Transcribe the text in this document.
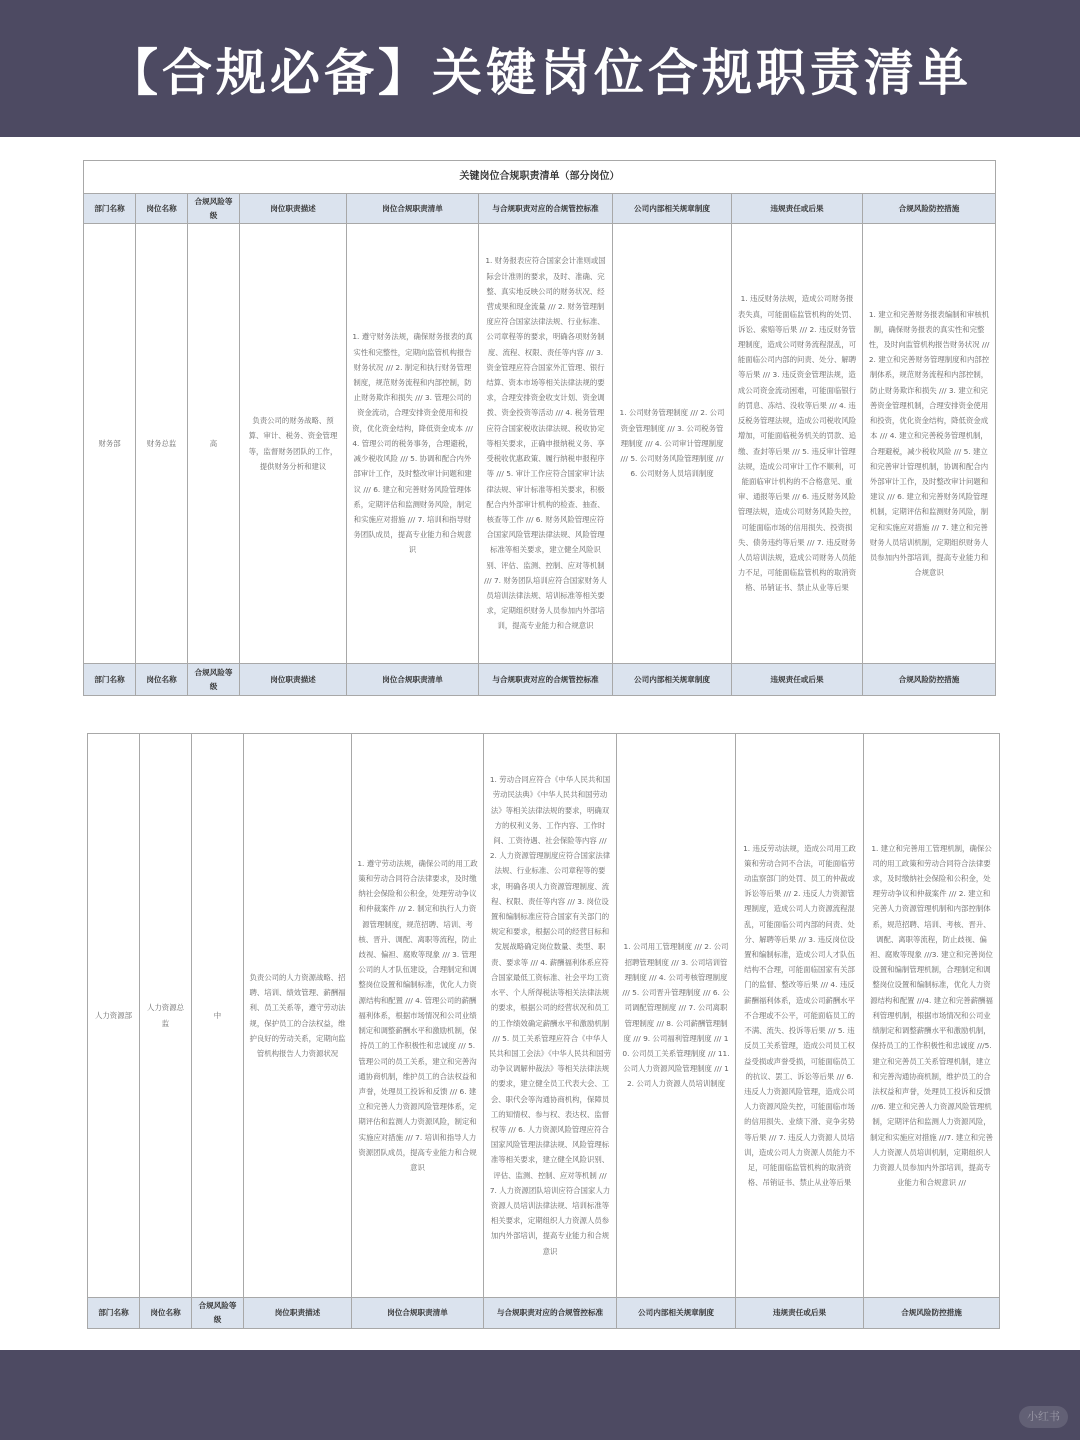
【合规必备】关键岗位合规职责清单
关键岗位合规职责清单（部分岗位）								
部门名称	岗位名称	合规风险等级	岗位职责描述	岗位合规职责清单	与合规职责对应的合规管控标准	公司内部相关规章制度	违规责任或后果	合规风险防控措施
财务部	财务总监	高	负责公司的财务战略、预算、审计、税务、资金管理等，监督财务团队的工作，提供财务分析和建议	1. 遵守财务法规，确保财务报表的真实性和完整性，定期向监管机构报告财务状况 /// 2. 制定和执行财务管理制度，规范财务流程和内部控制，防止财务欺诈和损失 /// 3. 管理公司的资金流动，合理安排资金使用和投资，优化资金结构，降低资金成本 /// 4. 管理公司的税务事务，合理避税，减少税收风险 /// 5. 协调和配合内外部审计工作，及时整改审计问题和建议 /// 6. 建立和完善财务风险管理体系，定期评估和监测财务风险，制定和实施应对措施 /// 7. 培训和指导财务团队成员，提高专业能力和合规意识	1. 财务报表应符合国家会计准则或国际会计准则的要求，及时、准确、完整、真实地反映公司的财务状况、经营成果和现金流量 /// 2. 财务管理制度应符合国家法律法规、行业标准、公司章程等的要求，明确各项财务制度、流程、权限、责任等内容 /// 3. 资金管理应符合国家外汇管理、银行结算、资本市场等相关法律法规的要求，合理安排资金收支计划、资金调拨、资金投资等活动 /// 4. 税务管理应符合国家税收法律法规、税收协定等相关要求，正确申报纳税义务、享受税收优惠政策、履行纳税申报程序等 /// 5. 审计工作应符合国家审计法律法规、审计标准等相关要求，积极配合内外部审计机构的检查、抽查、核查等工作 /// 6. 财务风险管理应符合国家风险管理法律法规、风险管理标准等相关要求，建立健全风险识别、评估、监测、控制、应对等机制 /// 7. 财务团队培训应符合国家财务人员培训法律法规、培训标准等相关要求，定期组织财务人员参加内外部培训，提高专业能力和合规意识	1. 公司财务管理制度 /// 2. 公司资金管理制度 /// 3. 公司税务管理制度 /// 4. 公司审计管理制度 /// 5. 公司财务风险管理制度 /// 6. 公司财务人员培训制度	1. 违反财务法规，造成公司财务报表失真，可能面临监管机构的处罚、诉讼、索赔等后果 /// 2. 违反财务管理制度，造成公司财务流程混乱，可能面临公司内部的问责、处分、解聘等后果 /// 3. 违反资金管理法规，造成公司资金流动困难，可能面临银行的罚息、冻结、没收等后果 /// 4. 违反税务管理法规，造成公司税收风险增加，可能面临税务机关的罚款、追缴、查封等后果 /// 5. 违反审计管理法规，造成公司审计工作不顺利，可能面临审计机构的不合格意见、重审、通报等后果 /// 6. 违反财务风险管理法规，造成公司财务风险失控，可能面临市场的信用损失、投资损失、债务违约等后果 /// 7. 违反财务人员培训法规，造成公司财务人员能力不足，可能面临监管机构的取消资格、吊销证书、禁止从业等后果	1. 建立和完善财务报表编制和审核机制，确保财务报表的真实性和完整性，及时向监管机构报告财务状况 /// 2. 建立和完善财务管理制度和内部控制体系，规范财务流程和内部控制，防止财务欺诈和损失 /// 3. 建立和完善资金管理机制，合理安排资金使用和投资，优化资金结构，降低资金成本 /// 4. 建立和完善税务管理机制，合理避税，减少税收风险 /// 5. 建立和完善审计管理机制，协调和配合内外部审计工作，及时整改审计问题和建议 /// 6. 建立和完善财务风险管理机制，定期评估和监测财务风险，制定和实施应对措施 /// 7. 建立和完善财务人员培训机制，定期组织财务人员参加内外部培训，提高专业能力和合规意识
部门名称	岗位名称	合规风险等级	岗位职责描述	岗位合规职责清单	与合规职责对应的合规管控标准	公司内部相关规章制度	违规责任或后果	合规风险防控措施
人力资源部	人力资源总监	中	负责公司的人力资源战略、招聘、培训、绩效管理、薪酬福利、员工关系等，遵守劳动法规，保护员工的合法权益，维护良好的劳动关系，定期向监管机构报告人力资源状况	1. 遵守劳动法规，确保公司的用工政策和劳动合同符合法律要求，及时缴纳社会保险和公积金，处理劳动争议和仲裁案件 /// 2. 制定和执行人力资源管理制度，规范招聘、培训、考核、晋升、调配、离职等流程，防止歧视、偏袒、腐败等现象 /// 3. 管理公司的人才队伍建设，合理制定和调整岗位设置和编制标准，优化人力资源结构和配置 /// 4. 管理公司的薪酬福利体系，根据市场情况和公司业绩制定和调整薪酬水平和激励机制，保持员工的工作积极性和忠诚度 /// 5. 管理公司的员工关系，建立和完善沟通协商机制，维护员工的合法权益和声誉，处理员工投诉和反馈 /// 6. 建立和完善人力资源风险管理体系，定期评估和监测人力资源风险，制定和实施应对措施 /// 7. 培训和指导人力资源团队成员，提高专业能力和合规意识	1. 劳动合同应符合《中华人民共和国劳动民法典》《中华人民共和国劳动法》等相关法律法规的要求，明确双方的权利义务、工作内容、工作时间、工资待遇、社会保险等内容 /// 2. 人力资源管理制度应符合国家法律法规、行业标准、公司章程等的要求，明确各项人力资源管理制度、流程、权限、责任等内容 /// 3. 岗位设置和编制标准应符合国家有关部门的规定和要求，根据公司的经营目标和发展战略确定岗位数量、类型、职责、要求等 /// 4. 薪酬福利体系应符合国家最低工资标准、社会平均工资水平、个人所得税法等相关法律法规的要求，根据公司的经营状况和员工的工作绩效确定薪酬水平和激励机制 /// 5. 员工关系管理应符合《中华人民共和国工会法》《中华人民共和国劳动争议调解仲裁法》等相关法律法规的要求，建立健全员工代表大会、工会、职代会等沟通协商机构，保障员工的知情权、参与权、表达权、监督权等 /// 6. 人力资源风险管理应符合国家风险管理法律法规、风险管理标准等相关要求，建立健全风险识别、评估、监测、控制、应对等机制 /// 7. 人力资源团队培训应符合国家人力资源人员培训法律法规、培训标准等相关要求，定期组织人力资源人员参加内外部培训，提高专业能力和合规意识	1. 公司用工管理制度 /// 2. 公司招聘管理制度 /// 3. 公司培训管理制度 /// 4. 公司考核管理制度 /// 5. 公司晋升管理制度 /// 6. 公司调配管理制度 /// 7. 公司离职管理制度 /// 8. 公司薪酬管理制度 /// 9. 公司福利管理制度 /// 10. 公司员工关系管理制度 /// 11. 公司人力资源风险管理制度 /// 12. 公司人力资源人员培训制度	1. 违反劳动法规，造成公司用工政策和劳动合同不合法，可能面临劳动监察部门的处罚、员工的仲裁或诉讼等后果 /// 2. 违反人力资源管理制度，造成公司人力资源流程混乱，可能面临公司内部的问责、处分、解聘等后果 /// 3. 违反岗位设置和编制标准，造成公司人才队伍结构不合理，可能面临国家有关部门的监督、整改等后果 /// 4. 违反薪酬福利体系，造成公司薪酬水平不合理或不公平，可能面临员工的不满、流失、投诉等后果 /// 5. 违反员工关系管理，造成公司员工权益受损或声誉受损，可能面临员工的抗议、罢工、诉讼等后果 /// 6. 违反人力资源风险管理，造成公司人力资源风险失控，可能面临市场的信用损失、业绩下滑、竞争劣势等后果 /// 7. 违反人力资源人员培训，造成公司人力资源人员能力不足，可能面临监管机构的取消资格、吊销证书、禁止从业等后果	1. 建立和完善用工管理机制，确保公司的用工政策和劳动合同符合法律要求，及时缴纳社会保险和公积金，处理劳动争议和仲裁案件 /// 2. 建立和完善人力资源管理机制和内部控制体系，规范招聘、培训、考核、晋升、调配、离职等流程，防止歧视、偏袒、腐败等现象 ///3. 建立和完善岗位设置和编制管理机制，合理制定和调整岗位设置和编制标准，优化人力资源结构和配置 ///4. 建立和完善薪酬福利管理机制，根据市场情况和公司业绩制定和调整薪酬水平和激励机制，保持员工的工作积极性和忠诚度 ///5. 建立和完善员工关系管理机制，建立和完善沟通协商机制，维护员工的合法权益和声誉，处理员工投诉和反馈 ///6. 建立和完善人力资源风险管理机制，定期评估和监测人力资源风险，制定和实施应对措施 ///7. 建立和完善人力资源人员培训机制，定期组织人力资源人员参加内外部培训，提高专业能力和合规意识 ///
部门名称	岗位名称	合规风险等级	岗位职责描述	岗位合规职责清单	与合规职责对应的合规管控标准	公司内部相关规章制度	违规责任或后果	合规风险防控措施
小红书
